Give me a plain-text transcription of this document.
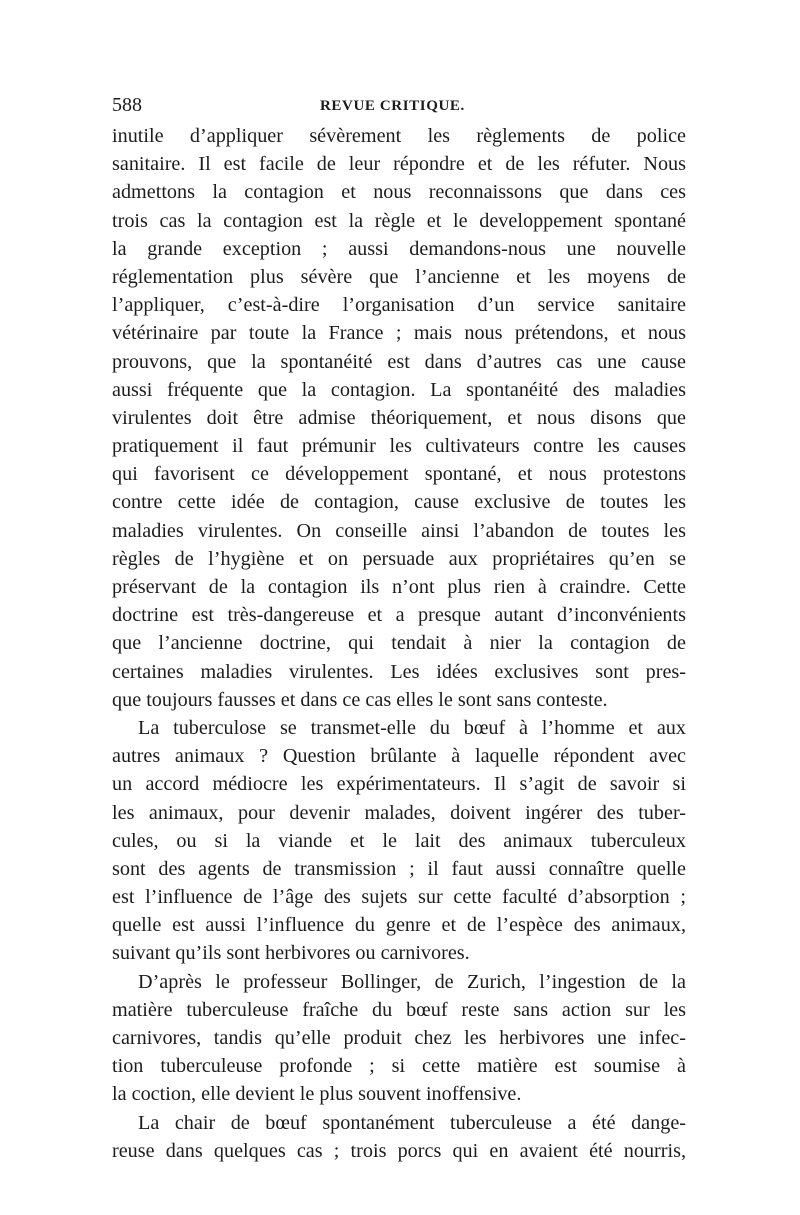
588	REVUE CRITIQUE.
inutile d’appliquer sévèrement les règlements de police
sanitaire. Il est facile de leur répondre et de les réfuter. Nous
admettons la contagion et nous reconnaissons que dans ces
trois cas la contagion est la règle et le developpement spontané
la grande exception ; aussi demandons-nous une nouvelle
réglementation plus sévère que l’ancienne et les moyens de
l’appliquer, c’est-à-dire l’organisation d’un service sanitaire
vétérinaire par toute la France ; mais nous prétendons, et nous
prouvons, que la spontanéité est dans d’autres cas une cause
aussi fréquente que la contagion. La spontanéité des maladies
virulentes doit être admise théoriquement, et nous disons que
pratiquement il faut prémunir les cultivateurs contre les causes
qui favorisent ce développement spontané, et nous protestons
contre cette idée de contagion, cause exclusive de toutes les
maladies virulentes. On conseille ainsi l’abandon de toutes les
règles de l’hygiène et on persuade aux propriétaires qu’en se
préservant de la contagion ils n’ont plus rien à craindre. Cette
doctrine est très-dangereuse et a presque autant d’inconvénients
que l’ancienne doctrine, qui tendait à nier la contagion de
certaines maladies virulentes. Les idées exclusives sont pres-
que toujours fausses et dans ce cas elles le sont sans conteste.
La tuberculose se transmet-elle du bœuf à l’homme et aux
autres animaux ? Question brûlante à laquelle répondent avec
un accord médiocre les expérimentateurs. Il s’agit de savoir si
les animaux, pour devenir malades, doivent ingérer des tuber-
cules, ou si la viande et le lait des animaux tuberculeux
sont des agents de transmission ; il faut aussi connaître quelle
est l’influence de l’âge des sujets sur cette faculté d’absorption ;
quelle est aussi l’influence du genre et de l’espèce des animaux,
suivant qu’ils sont herbivores ou carnivores.
D’après le professeur Bollinger, de Zurich, l’ingestion de la
matière tuberculeuse fraîche du bœuf reste sans action sur les
carnivores, tandis qu’elle produit chez les herbivores une infec-
tion tuberculeuse profonde ; si cette matière est soumise à
la coction, elle devient le plus souvent inoffensive.
La chair de bœuf spontanément tuberculeuse a été dange-
reuse dans quelques cas ; trois porcs qui en avaient été nourris,
